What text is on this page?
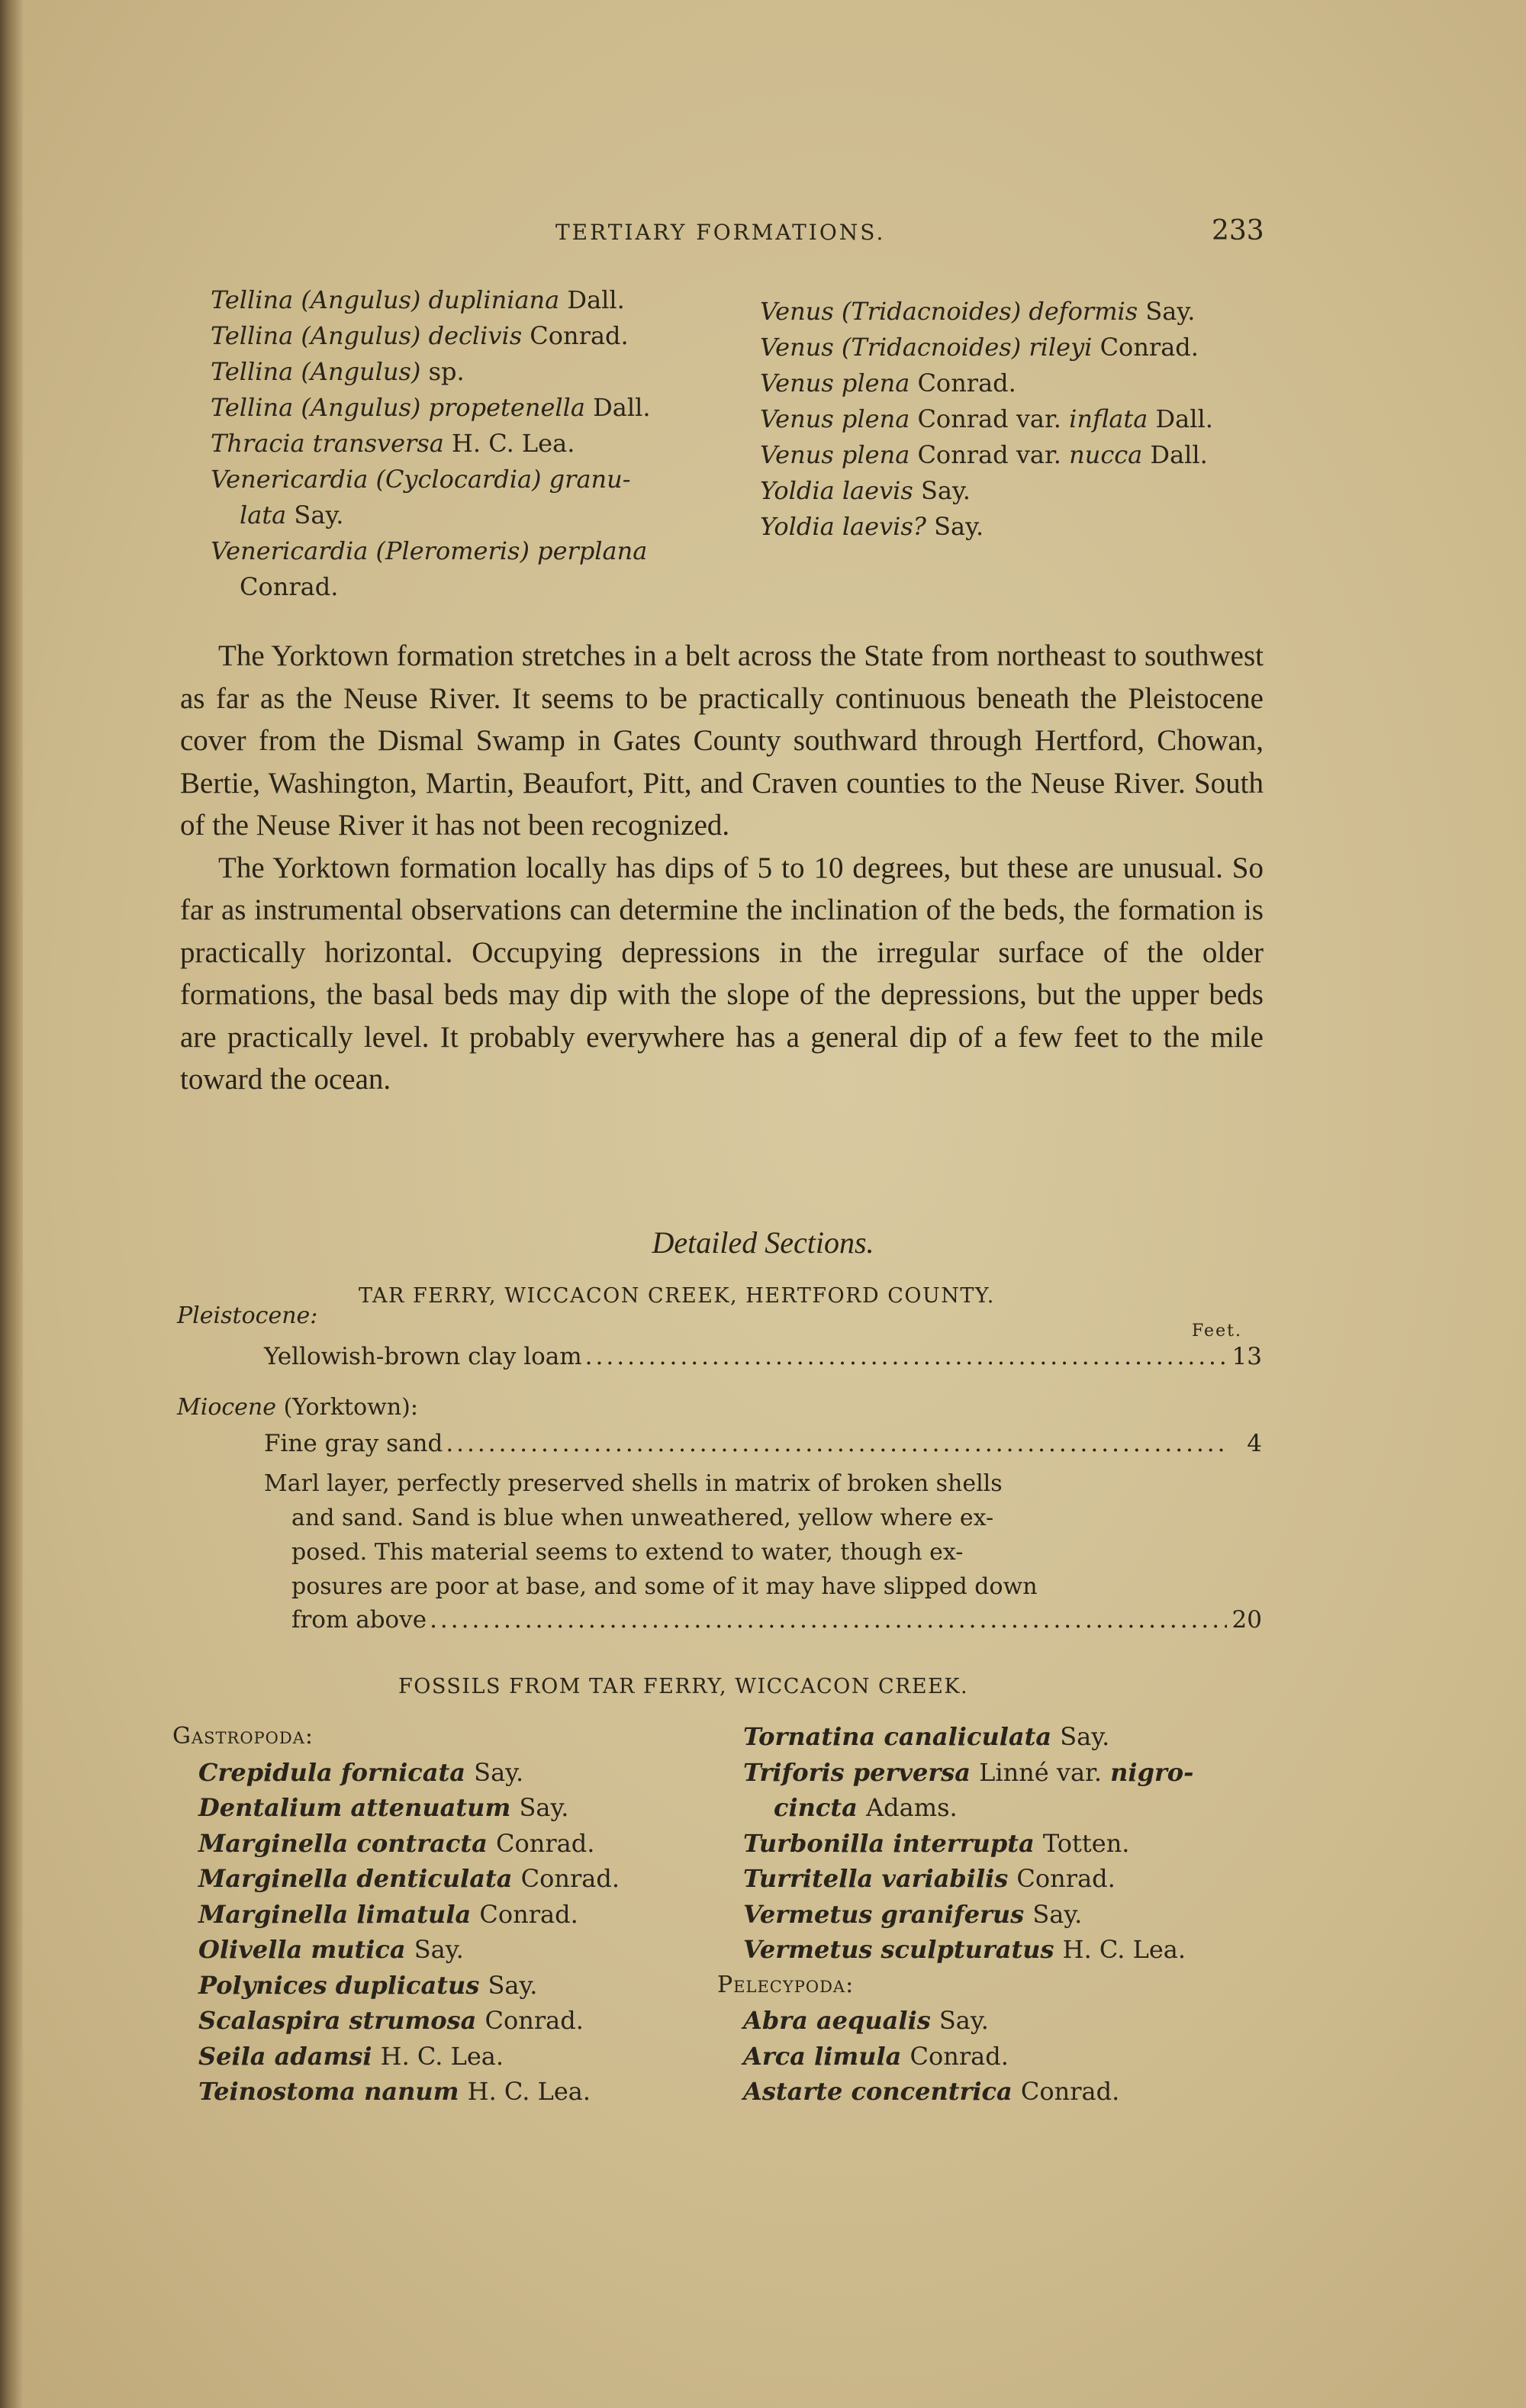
TERTIARY FORMATIONS.	233
Tellina (Angulus) dupliniana Dall.
Tellina (Angulus) declivis Conrad.
Tellina (Angulus) sp.
Tellina (Angulus) propetenella Dall.
Thracia transversa H. C. Lea.
Venericardia (Cyclocardia) granu-
lata Say.
Venericardia (Pleromeris) perplana
Conrad.
Venus (Tridacnoides) deformis Say.
Venus (Tridacnoides) rileyi Conrad.
Venus plena Conrad.
Venus plena Conrad var. inflata Dall.
Venus plena Conrad var. nucca Dall.
Yoldia laevis Say.
Yoldia laevis? Say.

The Yorktown formation stretches in a belt across the State from northeast to southwest as far as the Neuse River. It seems to be practically continuous beneath the Pleistocene cover from the Dismal Swamp in Gates County southward through Hertford, Chowan, Bertie, Washington, Martin, Beaufort, Pitt, and Craven counties to the Neuse River. South of the Neuse River it has not been recognized.

The Yorktown formation locally has dips of 5 to 10 degrees, but these are unusual. So far as instrumental observations can determine the inclination of the beds, the formation is practically horizontal. Occupying depressions in the irregular surface of the older formations, the basal beds may dip with the slope of the depressions, but the upper beds are practically level. It probably everywhere has a general dip of a few feet to the mile toward the ocean.

Detailed Sections.
TAR FERRY, WICCACON CREEK, HERTFORD COUNTY.
Pleistocene:
Feet.
Yellowish-brown clay loam .....	13
Miocene (Yorktown):
Fine gray sand .....	4
Marl layer, perfectly preserved shells in matrix of broken shells
and sand. Sand is blue when unweathered, yellow where ex-
posed. This material seems to extend to water, though ex-
posures are poor at base, and some of it may have slipped down
from above .....	20
FOSSILS FROM TAR FERRY, WICCACON CREEK.
Gastropoda:
Crepidula fornicata Say.
Dentalium attenuatum Say.
Marginella contracta Conrad.
Marginella denticulata Conrad.
Marginella limatula Conrad.
Olivella mutica Say.
Polynices duplicatus Say.
Scalaspira strumosa Conrad.
Seila adamsi H. C. Lea.
Teinostoma nanum H. C. Lea.
Tornatina canaliculata Say.
Triforis perversa Linné var. nigro-
cincta Adams.
Turbonilla interrupta Totten.
Turritella variabilis Conrad.
Vermetus graniferus Say.
Vermetus sculpturatus H. C. Lea.
Pelecypoda:
Abra aequalis Say.
Arca limula Conrad.
Astarte concentrica Conrad.
